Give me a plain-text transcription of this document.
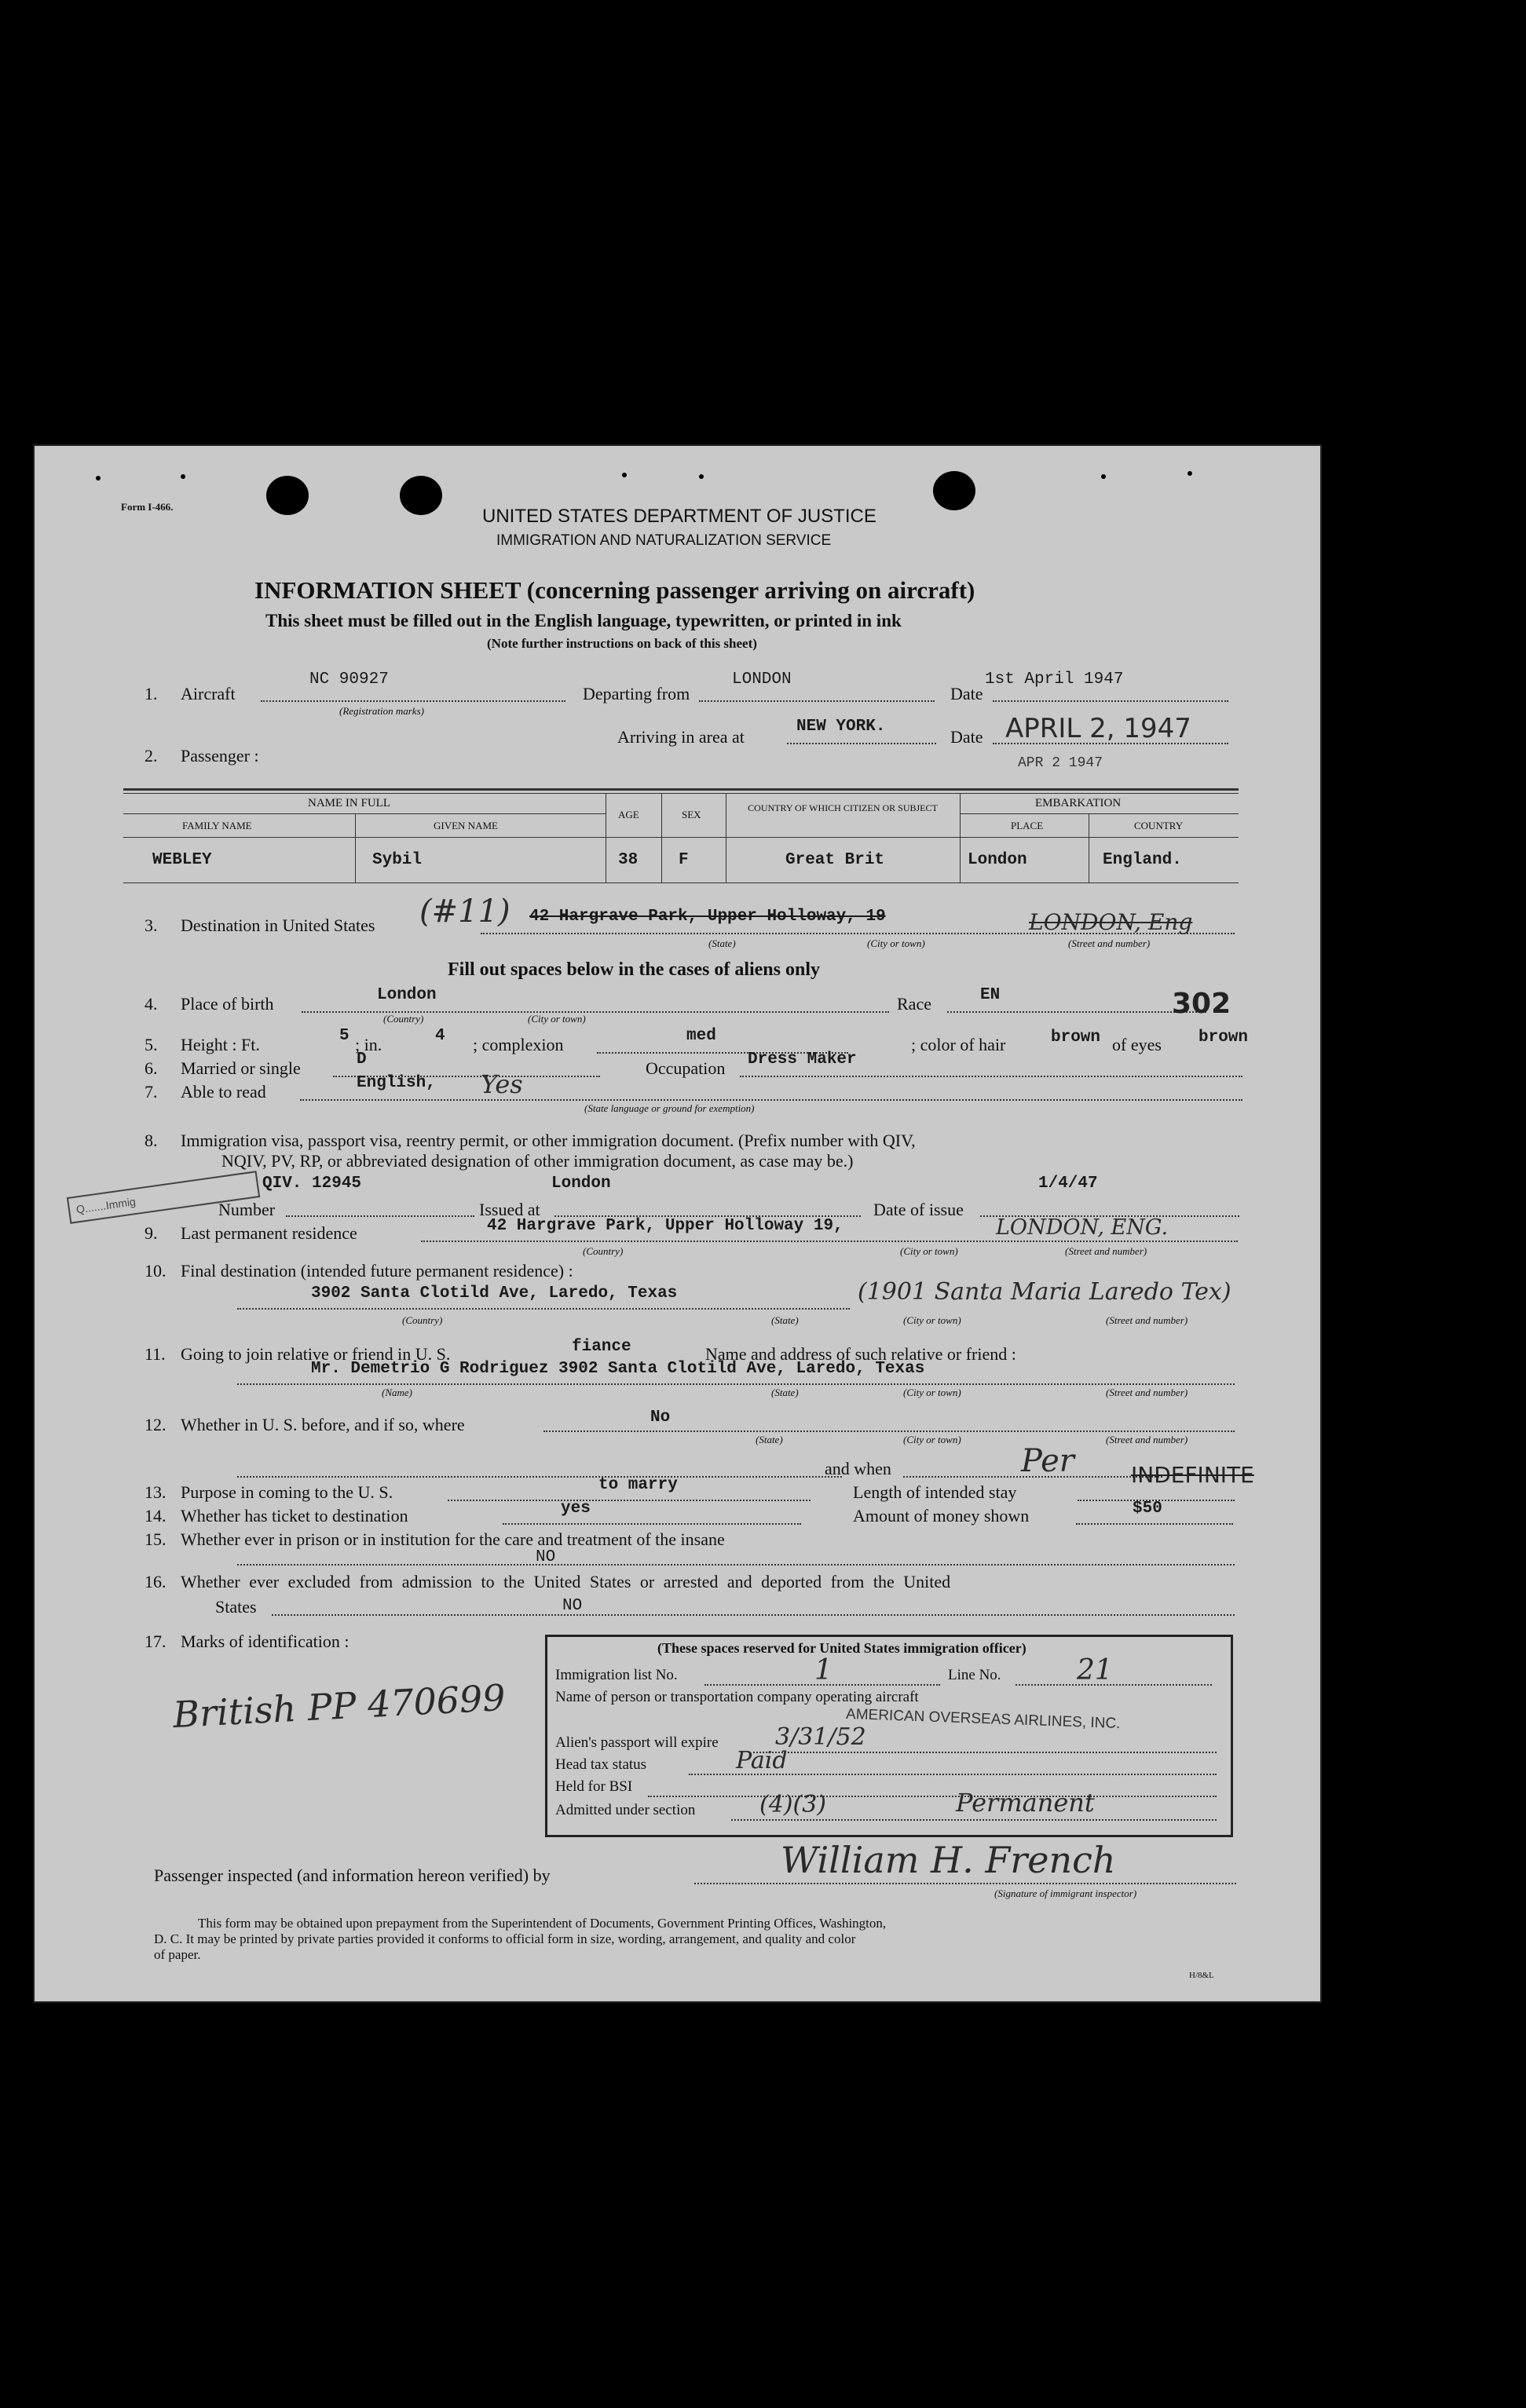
Form I-466.	UNITED STATES DEPARTMENT OF JUSTICE
IMMIGRATION AND NATURALIZATION SERVICE
INFORMATION SHEET (concerning passenger arriving on aircraft)
This sheet must be filled out in the English language, typewritten, or printed in ink
(Note further instructions on back of this sheet)
1. Aircraft
NC 90927
(Registration marks)
Departing from
LONDON
Date
1st April 1947
Arriving in area at
NEW YORK.
Date APRIL 2, 1947
APR 2 1947
2. Passenger :
NAME IN FULL
FAMILY NAME	GIVEN NAME
AGE	SEX
COUNTRY OF WHICH CITIZEN OR SUBJECT	EMBARKATION
PLACE	COUNTRY
WEBLEY	Sybil	38 F	Great Brit	London	England.
3. Destination in United States (#11) 42 Hargrave Park, Upper Holloway, 19	LONDON, Eng
(State)	(City or town)	(Street and number)
Fill out spaces below in the cases of aliens only
4. Place of birth	London
(Country)	(City or town)
Race	EN	302
5. Height : Ft.	5 ; in.	4 ; complexion	med	; color of hair	brown of eyes brown
6. Married or single	D	Occupation Dress Maker
7. Able to read	English, Yes
(State language or ground for exemption)
8. Immigration visa, passport visa, reentry permit, or other immigration document. (Prefix number with QIV,
NQIV, PV, RP, or abbreviated designation of other immigration document, as case may be.)
Q.......Immig
QIV. 12945	London	1/4/47
Number	Issued at	Date of issue
9. Last permanent residence	42 Hargrave Park, Upper Holloway 19,	LONDON, ENG.
(Country)	(City or town)	(Street and number)
10. Final destination (intended future permanent residence) :
3902 Santa Clotild Ave, Laredo, Texas	(1901 Santa Maria Laredo Tex)
(Country)	(State)	(City or town)	(Street and number)
11. Going to join relative or friend in U. S.	fiance	Name and address of such relative or friend :
Mr. Demetrio G Rodriguez 3902 Santa Clotild Ave, Laredo, Texas
(Name)	(State)	(City or town)	(Street and number)
12. Whether in U. S. before, and if so, where	No
(State)	(City or town)	(Street and number)
and when
13. Purpose in coming to the U. S.	to marry	Length of intended stay
Per	INDEFINITE
14. Whether has ticket to destination	yes	Amount of money shown	$50
15. Whether ever in prison or in institution for the care and treatment of the insane
NO
16. Whether ever excluded from admission to the United States or arrested and deported from the United
States	NO
17. Marks of identification :
British PP 470699
(These spaces reserved for United States immigration officer)
Immigration list No.	1	Line No.	21
Name of person or transportation company operating aircraft
AMERICAN OVERSEAS AIRLINES, INC.
Alien's passport will expire 3/31/52
Head tax status	Paid
Held for BSI
Admitted under section	(4)(3)	Permanent
Passenger inspected (and information hereon verified) by	William H. French
(Signature of immigrant inspector)
This form may be obtained upon prepayment from the Superintendent of Documents, Government Printing Offices, Washington,
D. C. It may be printed by private parties provided it conforms to official form in size, wording, arrangement, and quality and color
of paper.
H/8&L
